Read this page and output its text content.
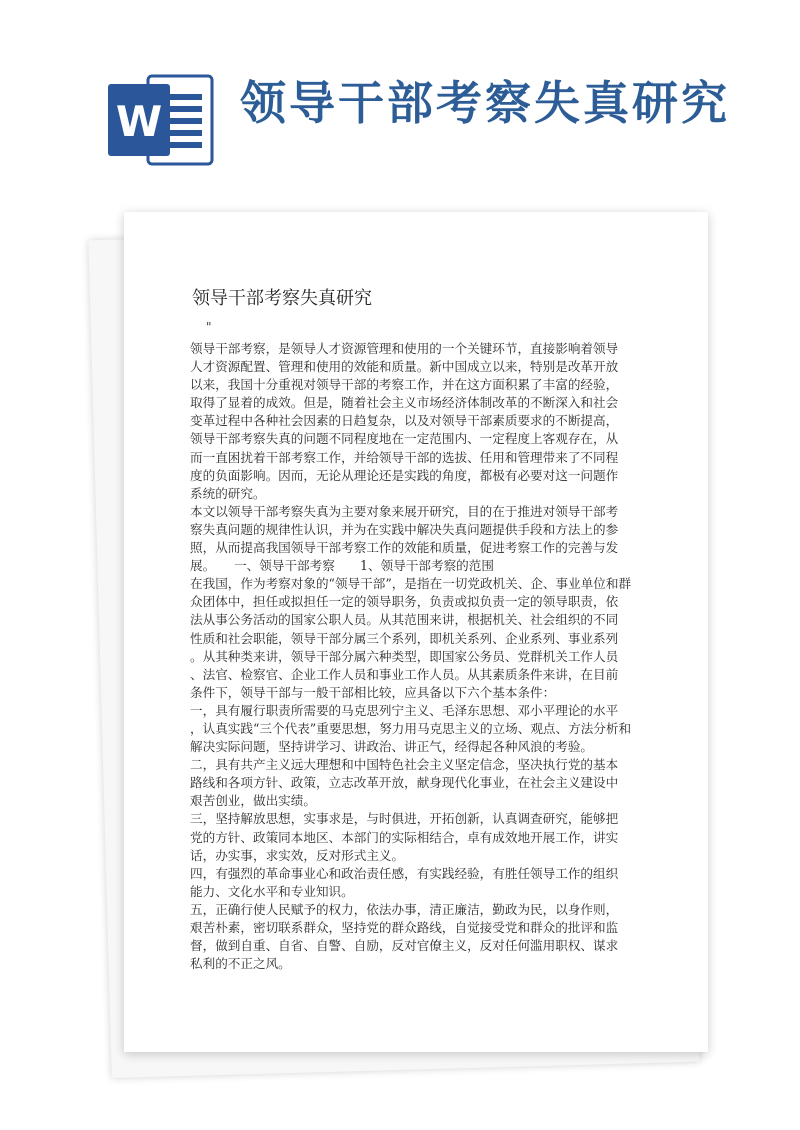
W 领导干部考察失真研究
领导干部考察失真研究
"
领导干部考察，是领导人才资源管理和使用的一个关键环节，直接影响着领导
人才资源配置、管理和使用的效能和质量。新中国成立以来，特别是改革开放
以来，我国十分重视对领导干部的考察工作，并在这方面积累了丰富的经验，
取得了显着的成效。但是，随着社会主义市场经济体制改革的不断深入和社会
变革过程中各种社会因素的日趋复杂，以及对领导干部素质要求的不断提高，
领导干部考察失真的问题不同程度地在一定范围内、一定程度上客观存在，从
而一直困扰着干部考察工作，并给领导干部的选拔、任用和管理带来了不同程
度的负面影响。因而，无论从理论还是实践的角度，都极有必要对这一问题作
系统的研究。
本文以领导干部考察失真为主要对象来展开研究，目的在于推进对领导干部考
察失真问题的规律性认识，并为在实践中解决失真问题提供手段和方法上的参
照，从而提高我国领导干部考察工作的效能和质量，促进考察工作的完善与发
展。　　一、领导干部考察　　1、领导干部考察的范围
在我国，作为考察对象的“领导干部”，是指在一切党政机关、企、事业单位和群
众团体中，担任或拟担任一定的领导职务，负责或拟负责一定的领导职责，依
法从事公务活动的国家公职人员。从其范围来讲，根据机关、社会组织的不同
性质和社会职能，领导干部分属三个系列，即机关系列、企业系列、事业系列
。从其种类来讲，领导干部分属六种类型，即国家公务员、党群机关工作人员
、法官、检察官、企业工作人员和事业工作人员。从其素质条件来讲，在目前
条件下，领导干部与一般干部相比较，应具备以下六个基本条件：
一，具有履行职责所需要的马克思列宁主义、毛泽东思想、邓小平理论的水平
，认真实践“三个代表”重要思想，努力用马克思主义的立场、观点、方法分析和
解决实际问题，坚持讲学习、讲政治、讲正气，经得起各种风浪的考验。
二，具有共产主义远大理想和中国特色社会主义坚定信念，坚决执行党的基本
路线和各项方针、政策，立志改革开放，献身现代化事业，在社会主义建设中
艰苦创业，做出实绩。
三，坚持解放思想，实事求是，与时俱进，开拓创新，认真调查研究，能够把
党的方针、政策同本地区、本部门的实际相结合，卓有成效地开展工作，讲实
话，办实事，求实效，反对形式主义。
四，有强烈的革命事业心和政治责任感，有实践经验，有胜任领导工作的组织
能力、文化水平和专业知识。
五，正确行使人民赋予的权力，依法办事，清正廉洁，勤政为民，以身作则，
艰苦朴素，密切联系群众，坚持党的群众路线，自觉接受党和群众的批评和监
督，做到自重、自省、自警、自励，反对官僚主义，反对任何滥用职权、谋求
私利的不正之风。
